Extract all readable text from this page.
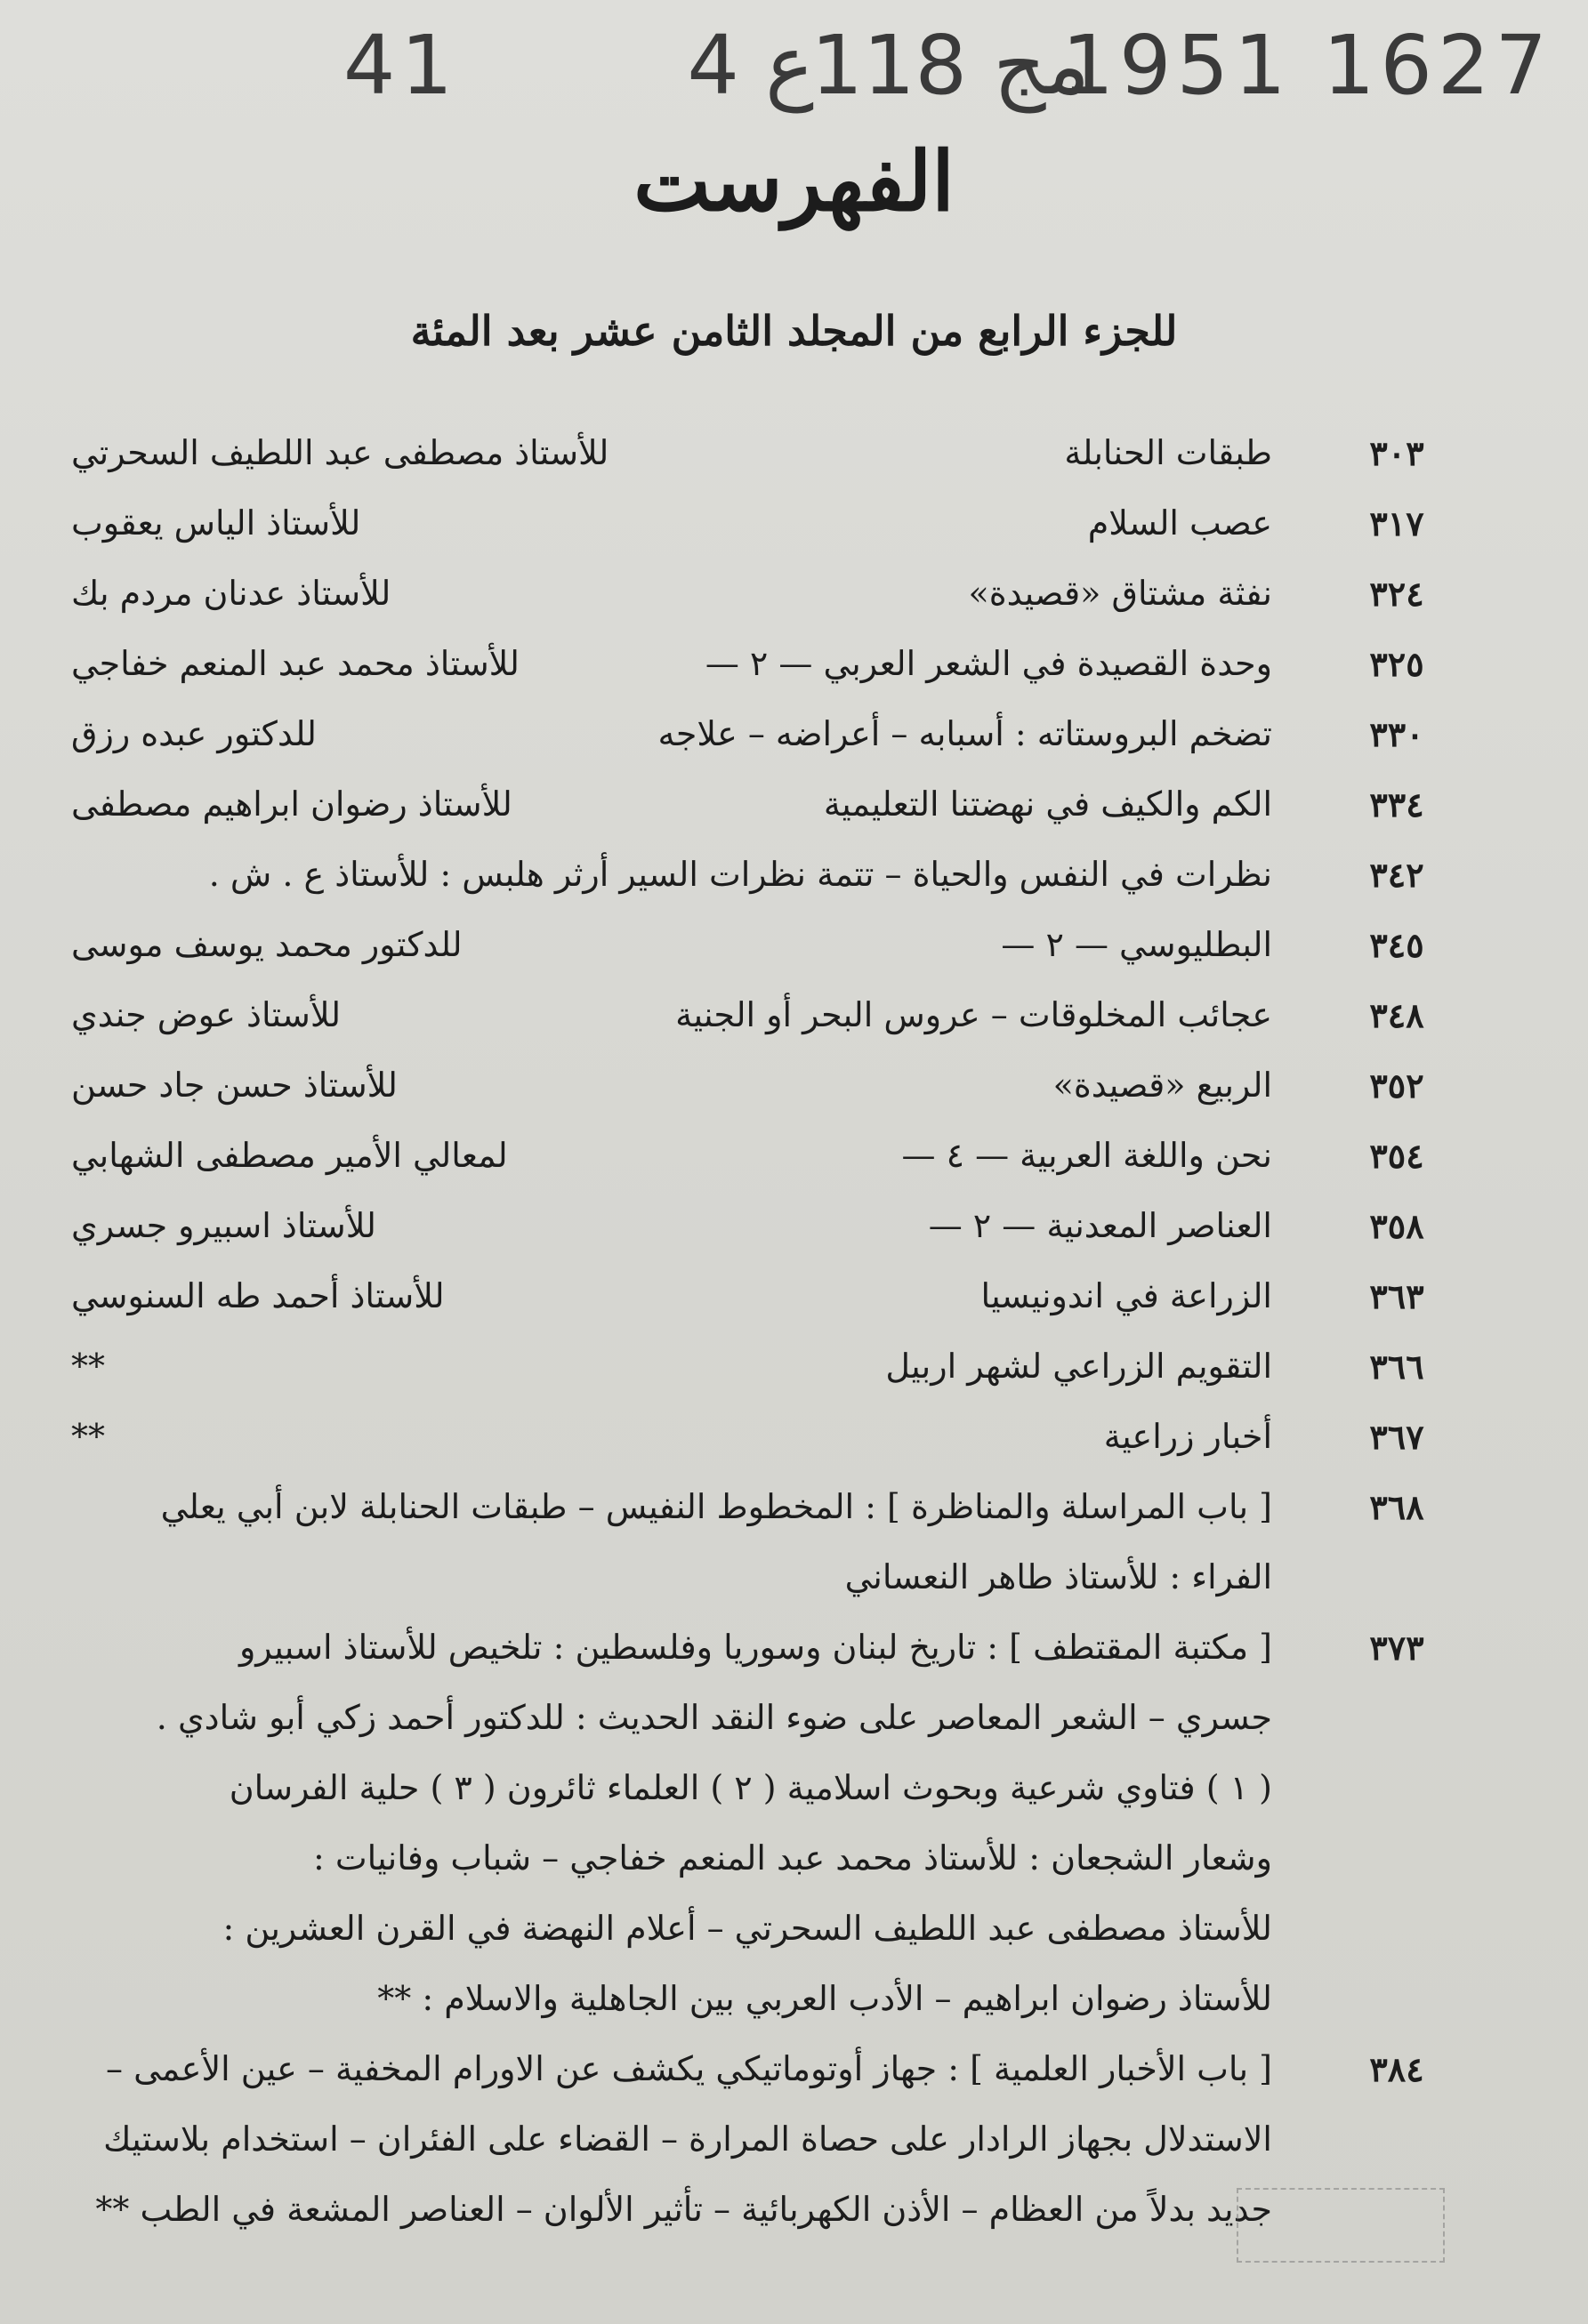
1951 1627
مج 118
ع 4
41
الفهرست
للجزء الرابع من المجلد الثامن عشر بعد المئة
٣٠٣
طبقات الحنابلة
للأستاذ مصطفى عبد اللطيف السحرتي
٣١٧
عصب السلام
للأستاذ الياس يعقوب
٣٢٤
نفثة مشتاق «قصيدة»
للأستاذ عدنان مردم بك
٣٢٥
وحدة القصيدة في الشعر العربي — ٢ —
للأستاذ محمد عبد المنعم خفاجي
٣٣٠
تضخم البروستاته : أسبابه – أعراضه – علاجه
للدكتور عبده رزق
٣٣٤
الكم والكيف في نهضتنا التعليمية
للأستاذ رضوان ابراهيم مصطفى
٣٤٢
نظرات في النفس والحياة – تتمة نظرات السير أرثر هلبس : للأستاذ ع . ش .
٣٤٥
البطليوسي — ٢ —
للدكتور محمد يوسف موسى
٣٤٨
عجائب المخلوقات – عروس البحر أو الجنية
للأستاذ عوض جندي
٣٥٢
الربيع «قصيدة»
للأستاذ حسن جاد حسن
٣٥٤
نحن واللغة العربية — ٤ —
لمعالي الأمير مصطفى الشهابي
٣٥٨
العناصر المعدنية — ٢ —
للأستاذ اسبيرو جسري
٣٦٣
الزراعة في اندونيسيا
للأستاذ أحمد طه السنوسي
٣٦٦
التقويم الزراعي لشهر اربيل
**
٣٦٧
أخبار زراعية
**
٣٦٨
[ باب المراسلة والمناظرة ] : المخطوط النفيس – طبقات الحنابلة لابن أبي يعلي
الفراء : للأستاذ طاهر النعساني
٣٧٣
[ مكتبة المقتطف ] : تاريخ لبنان وسوريا وفلسطين : تلخيص للأستاذ اسبيرو
جسري – الشعر المعاصر على ضوء النقد الحديث : للدكتور أحمد زكي أبو شادي .
( ١ ) فتاوي شرعية وبحوث اسلامية ( ٢ ) العلماء ثائرون ( ٣ ) حلية الفرسان
وشعار الشجعان : للأستاذ محمد عبد المنعم خفاجي – شباب وفانيات :
للأستاذ مصطفى عبد اللطيف السحرتي – أعلام النهضة في القرن العشرين :
للأستاذ رضوان ابراهيم – الأدب العربي بين الجاهلية والاسلام : **
٣٨٤
[ باب الأخبار العلمية ] : جهاز أوتوماتيكي يكشف عن الاورام المخفية – عين الأعمى –
الاستدلال بجهاز الرادار على حصاة المرارة – القضاء على الفئران – استخدام بلاستيك
جديد بدلاً من العظام – الأذن الكهربائية – تأثير الألوان – العناصر المشعة في الطب **
